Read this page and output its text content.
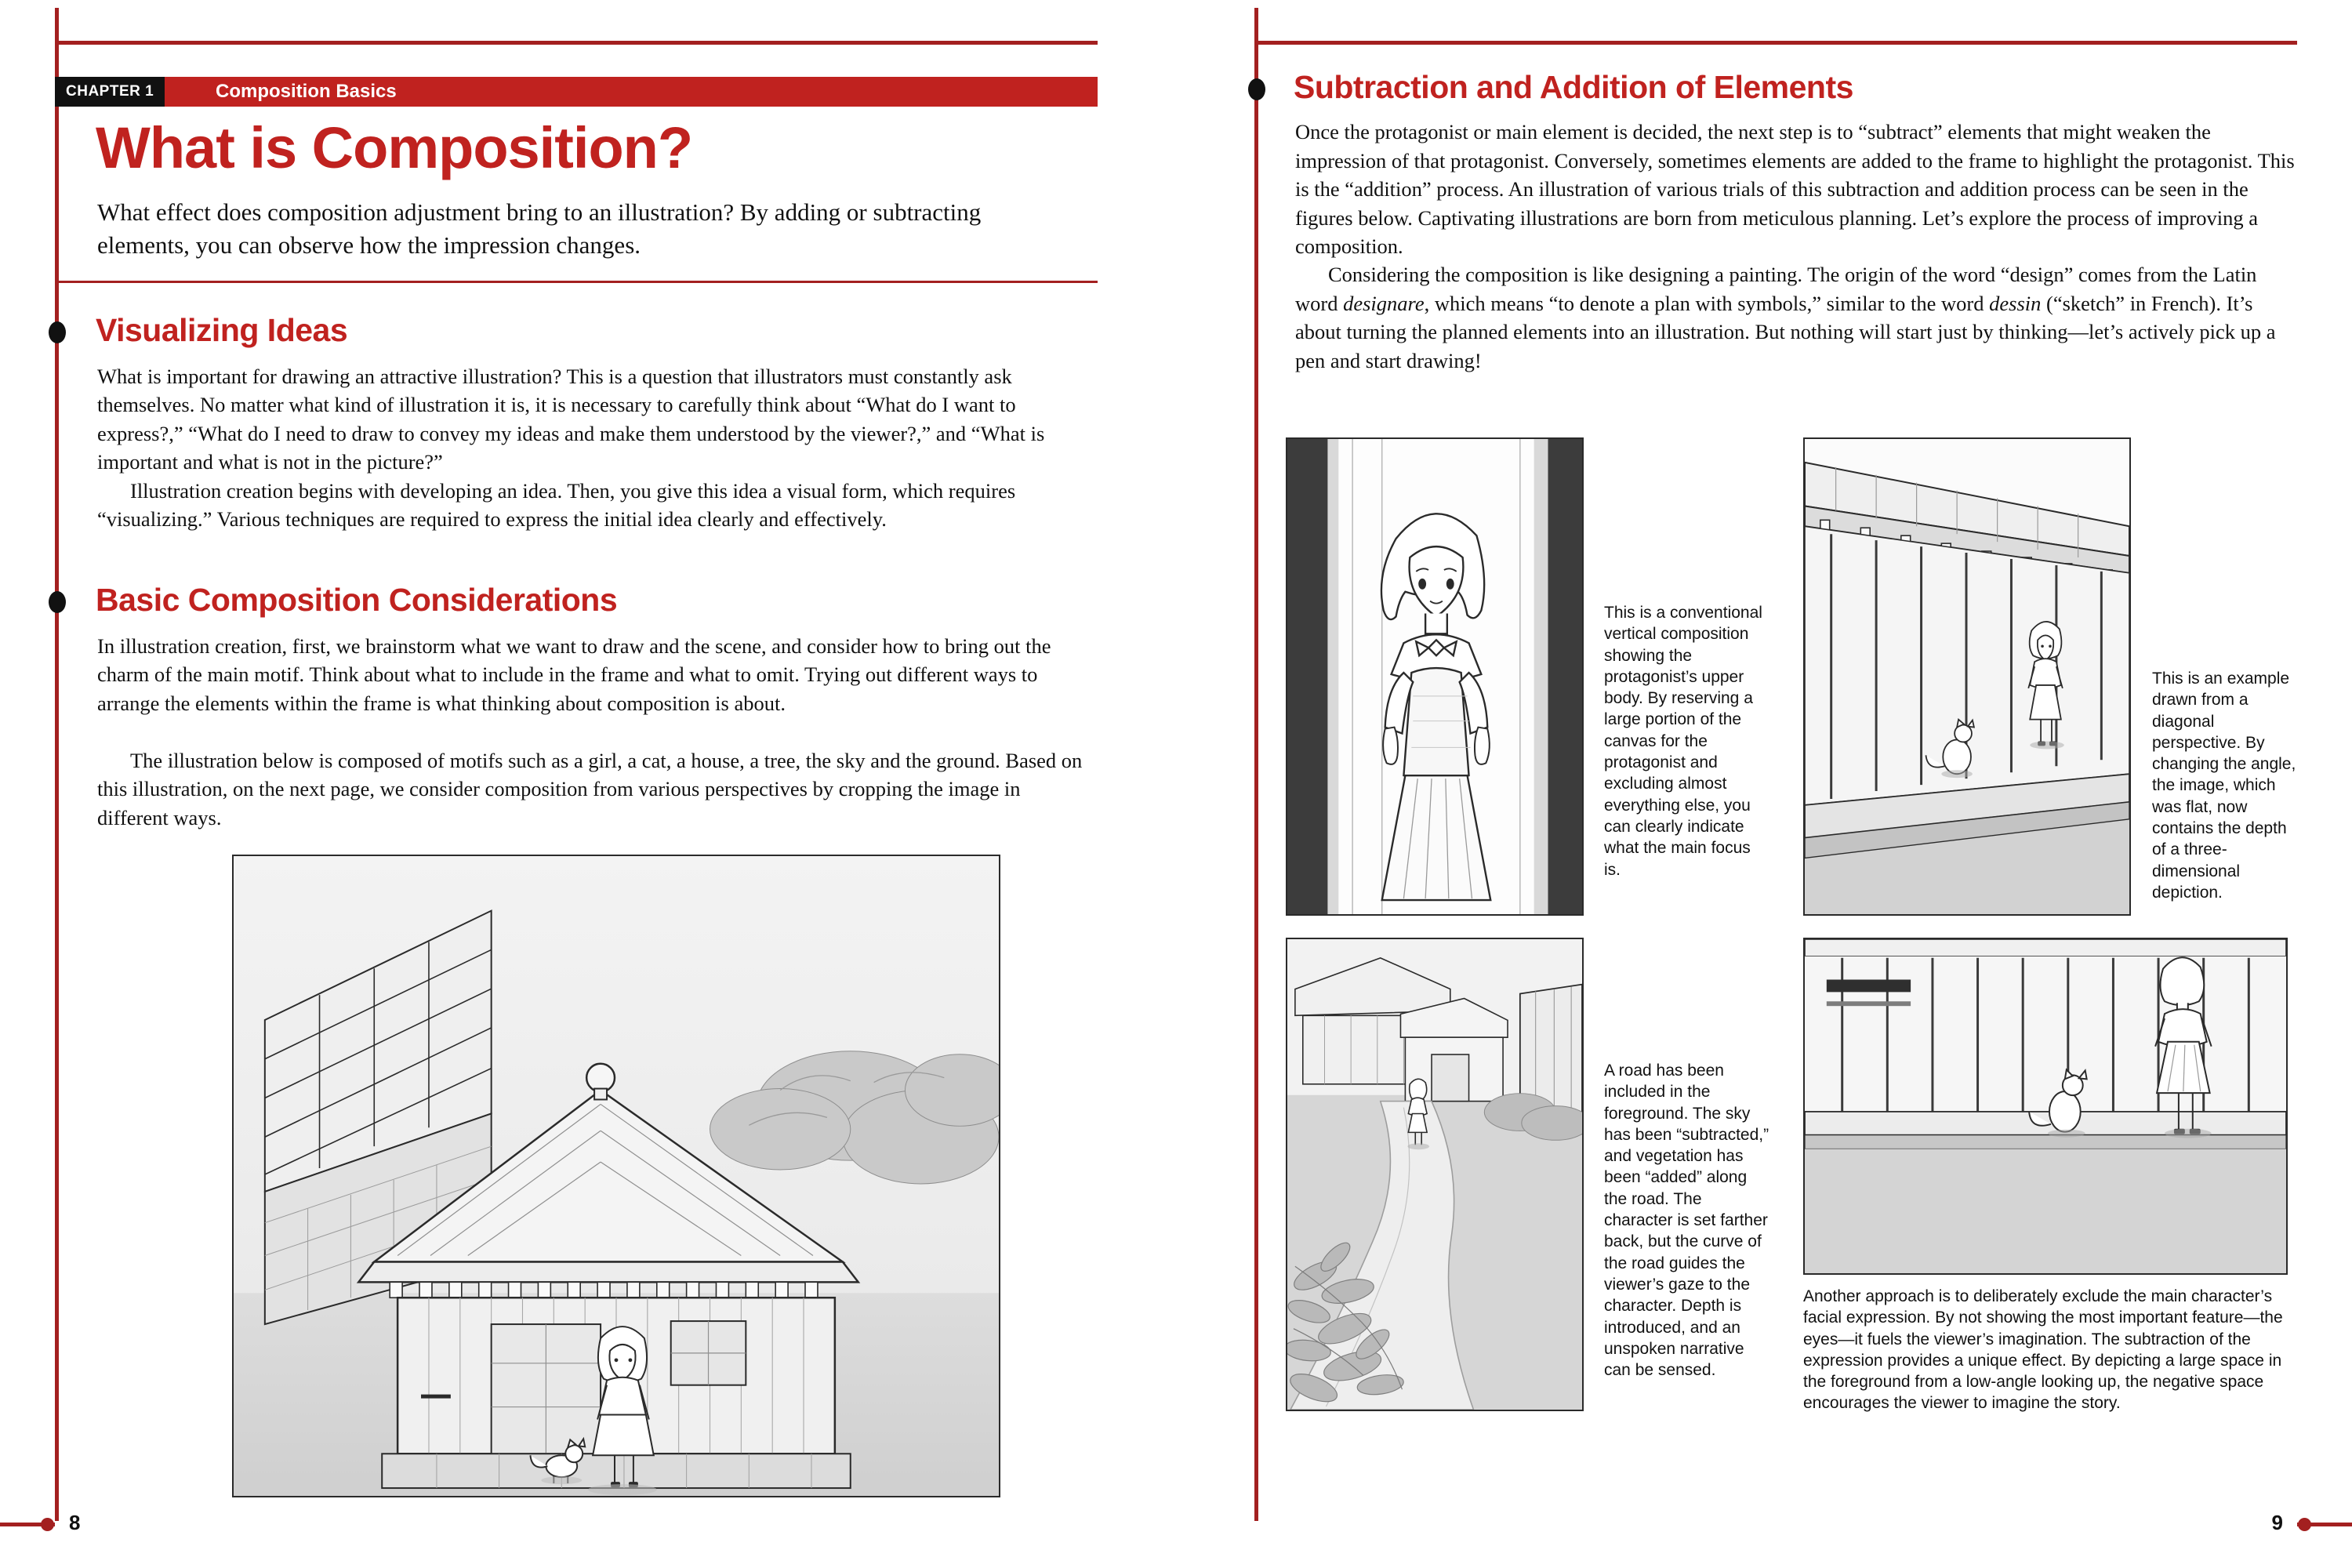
CHAPTER 1	Composition Basics
What is Composition?
What effect does composition adjustment bring to an illustration? By adding or subtracting elements, you can observe how the impression changes.
Visualizing Ideas
What is important for drawing an attractive illustration? This is a question that illustrators must constantly ask themselves. No matter what kind of illustration it is, it is necessary to carefully think about “What do I want to express?,” “What do I need to draw to convey my ideas and make them understood by the viewer?,” and “What is important and what is not in the picture?”
Illustration creation begins with developing an idea. Then, you give this idea a visual form, which requires “visualizing.” Various techniques are required to express the initial idea clearly and effectively.
Basic Composition Considerations
In illustration creation, first, we brainstorm what we want to draw and the scene, and consider how to bring out the charm of the main motif. Think about what to include in the frame and what to omit. Trying out different ways to arrange the elements within the frame is what thinking about composition is about.
The illustration below is composed of motifs such as a girl, a cat, a house, a tree, the sky and the ground. Based on this illustration, on the next page, we consider composition from various perspectives by cropping the image in different ways.
8
Subtraction and Addition of Elements
Once the protagonist or main element is decided, the next step is to “subtract” elements that might weaken the impression of that protagonist. Conversely, sometimes elements are added to the frame to highlight the protagonist. This is the “addition” process. An illustration of various trials of this subtraction and addition process can be seen in the figures below. Captivating illustrations are born from meticulous planning. Let’s explore the process of improving a composition.
Considering the composition is like designing a painting. The origin of the word “design” comes from the Latin word designare, which means “to denote a plan with symbols,” similar to the word dessin (“sketch” in French). It’s about turning the planned elements into an illustration. But nothing will start just by thinking—let’s actively pick up a pen and start drawing!
This is a conventional vertical composition showing the protagonist’s upper body. By reserving a large portion of the canvas for the protagonist and excluding almost everything else, you can clearly indicate what the main focus is.
This is an example drawn from a diagonal perspective. By changing the angle, the image, which was flat, now contains the depth of a three-dimensional depiction.
A road has been included in the foreground. The sky has been “subtracted,” and vegetation has been “added” along the road. The character is set farther back, but the curve of the road guides the viewer’s gaze to the character. Depth is introduced, and an unspoken narrative can be sensed.
Another approach is to deliberately exclude the main character’s facial expression. By not showing the most important feature—the eyes—it fuels the viewer’s imagination. The subtraction of the expression provides a unique effect. By depicting a large space in the foreground from a low-angle looking up, the negative space encourages the viewer to imagine the story.
9
